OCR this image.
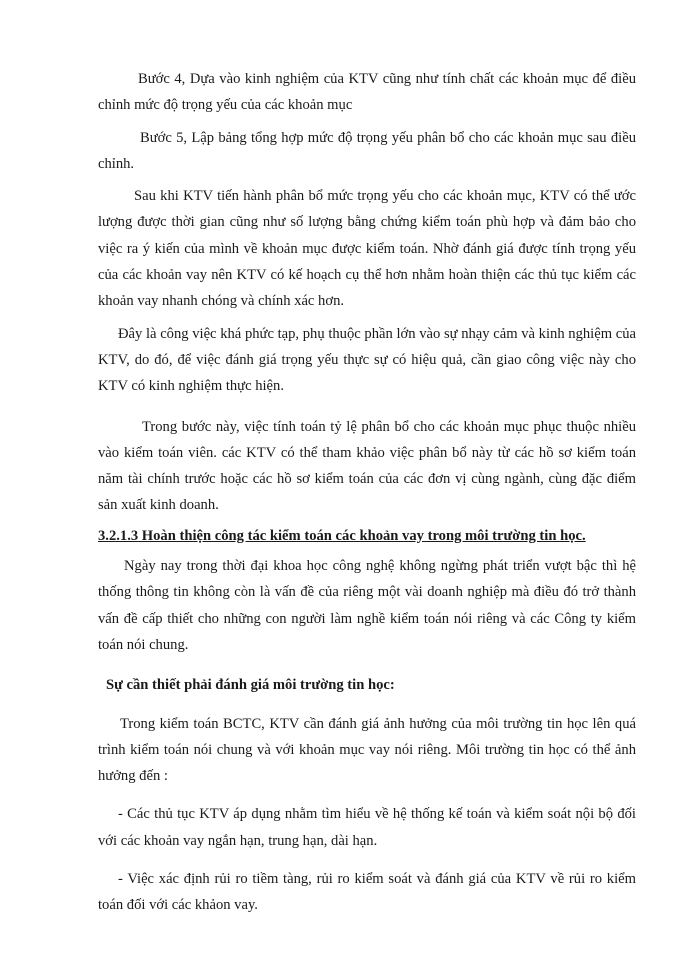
Bước 4, Dựa vào kinh nghiệm của KTV cũng như tính chất các khoản mục để điều chỉnh mức độ trọng yếu của các khoản mục

Bước 5, Lập bảng tổng hợp mức độ trọng yếu phân bổ cho các khoản mục sau điều chỉnh.

Sau khi KTV tiến hành phân bổ mức trọng yếu cho các khoản mục, KTV có thể ước lượng được thời gian cũng như số lượng bằng chứng kiểm toán phù hợp và đảm bảo cho việc ra ý kiến của mình về khoản mục được kiểm toán. Nhờ đánh giá được tính trọng yếu của các khoản vay nên KTV có kế hoạch cụ thể hơn nhằm hoàn thiện các thủ tục kiểm các khoản vay nhanh chóng và chính xác hơn.

Đây là công việc khá phức tạp, phụ thuộc phần lớn vào sự nhạy cảm và kinh nghiệm của KTV, do đó, để việc đánh giá trọng yếu thực sự có hiệu quả, cần giao công việc này cho KTV có kinh nghiệm thực hiện.

Trong bước này, việc tính toán tỷ lệ phân bổ cho các khoản mục phục thuộc nhiều vào kiểm toán viên. các KTV có thể tham khảo việc phân bổ này từ các hồ sơ kiểm toán năm tài chính trước hoặc các hồ sơ kiểm toán của các đơn vị cùng ngành, cùng đặc điểm sản xuất kinh doanh.

3.2.1.3 Hoàn thiện công tác kiểm toán các khoản vay trong môi trường tin học.

Ngày nay trong thời đại khoa học công nghệ không ngừng phát triển vượt bậc thì hệ thống thông tin không còn là vấn đề của riêng một vài doanh nghiệp mà điều đó trở thành vấn đề cấp thiết cho những con người làm nghề kiểm toán nói riêng và các Công ty kiểm toán nói chung.

Sự cần thiết phải đánh giá môi trường tin học:

Trong kiểm toán BCTC, KTV cần đánh giá ảnh hưởng của môi trường tin học lên quá trình kiểm toán nói chung và với khoản mục vay nói riêng. Môi trường tin học có thể ảnh hưởng đến :

- Các thủ tục KTV áp dụng nhằm tìm hiểu về hệ thống kế toán và kiểm soát nội bộ đối với các khoản vay ngắn hạn, trung hạn, dài hạn.

- Việc xác định rủi ro tiềm tàng, rủi ro kiểm soát và đánh giá của KTV về rủi ro kiểm toán đối với các khảon vay.
